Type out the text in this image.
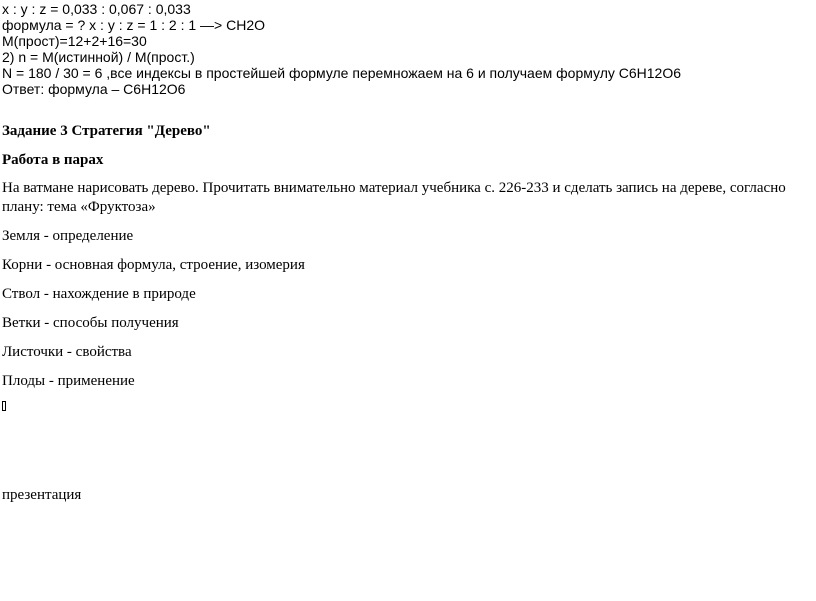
x : y : z = 0,033 : 0,067 : 0,033
формула = ? x : y : z = 1 : 2 : 1 —> CH2O
M(прост)=12+2+16=30
2) n = M(истинной) / M(прост.)
N = 180 / 30 = 6 ,все индексы в простейшей формуле перемножаем на 6 и получаем формулу C6H12O6
Ответ: формула – C6H12O6
Задание 3 Стратегия "Дерево"
Работа в парах
На ватмане нарисовать дерево. Прочитать внимательно материал учебника с. 226-233 и сделать запись на дереве, согласно плану: тема «Фруктоза»
Земля - определение
Корни - основная формула, строение, изомерия
Ствол - нахождение в природе
Ветки - способы получения
Листочки - свойства
Плоды - применение
презентация
